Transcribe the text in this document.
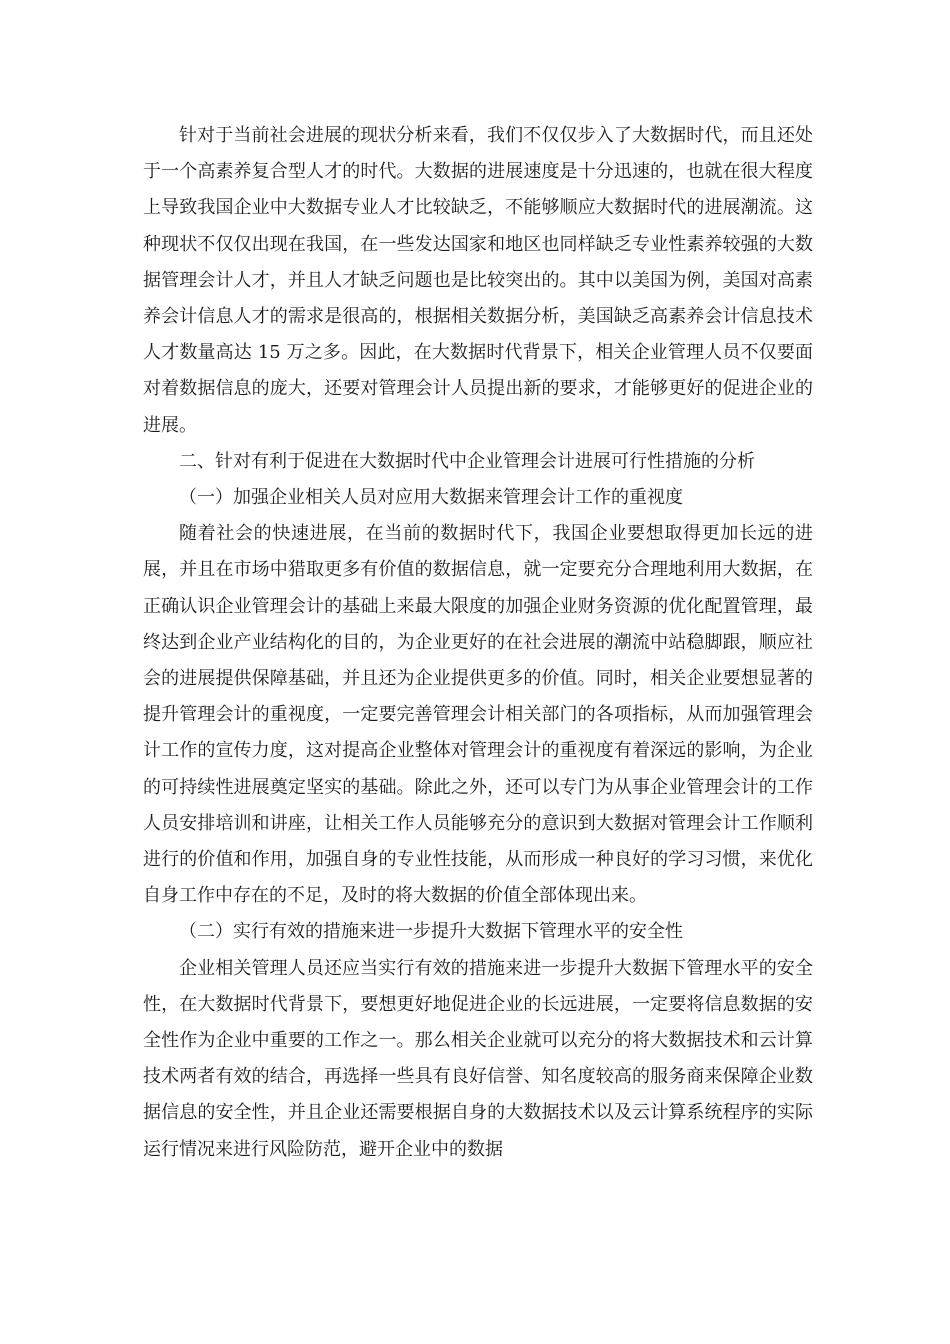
针对于当前社会进展的现状分析来看，我们不仅仅步入了大数据时代，而且还处于一个高素养复合型人才的时代。大数据的进展速度是十分迅速的，也就在很大程度上导致我国企业中大数据专业人才比较缺乏，不能够顺应大数据时代的进展潮流。这种现状不仅仅出现在我国，在一些发达国家和地区也同样缺乏专业性素养较强的大数据管理会计人才，并且人才缺乏问题也是比较突出的。其中以美国为例，美国对高素养会计信息人才的需求是很高的，根据相关数据分析，美国缺乏高素养会计信息技术人才数量高达 15 万之多。因此，在大数据时代背景下，相关企业管理人员不仅要面对着数据信息的庞大，还要对管理会计人员提出新的要求，才能够更好的促进企业的进展。

二、针对有利于促进在大数据时代中企业管理会计进展可行性措施的分析

（一）加强企业相关人员对应用大数据来管理会计工作的重视度

随着社会的快速进展，在当前的数据时代下，我国企业要想取得更加长远的进展，并且在市场中猎取更多有价值的数据信息，就一定要充分合理地利用大数据，在正确认识企业管理会计的基础上来最大限度的加强企业财务资源的优化配置管理，最终达到企业产业结构化的目的，为企业更好的在社会进展的潮流中站稳脚跟，顺应社会的进展提供保障基础，并且还为企业提供更多的价值。同时，相关企业要想显著的提升管理会计的重视度，一定要完善管理会计相关部门的各项指标，从而加强管理会计工作的宣传力度，这对提高企业整体对管理会计的重视度有着深远的影响，为企业的可持续性进展奠定坚实的基础。除此之外，还可以专门为从事企业管理会计的工作人员安排培训和讲座，让相关工作人员能够充分的意识到大数据对管理会计工作顺利进行的价值和作用，加强自身的专业性技能，从而形成一种良好的学习习惯，来优化自身工作中存在的不足，及时的将大数据的价值全部体现出来。

（二）实行有效的措施来进一步提升大数据下管理水平的安全性

企业相关管理人员还应当实行有效的措施来进一步提升大数据下管理水平的安全性，在大数据时代背景下，要想更好地促进企业的长远进展，一定要将信息数据的安全性作为企业中重要的工作之一。那么相关企业就可以充分的将大数据技术和云计算技术两者有效的结合，再选择一些具有良好信誉、知名度较高的服务商来保障企业数据信息的安全性，并且企业还需要根据自身的大数据技术以及云计算系统程序的实际运行情况来进行风险防范，避开企业中的数据
